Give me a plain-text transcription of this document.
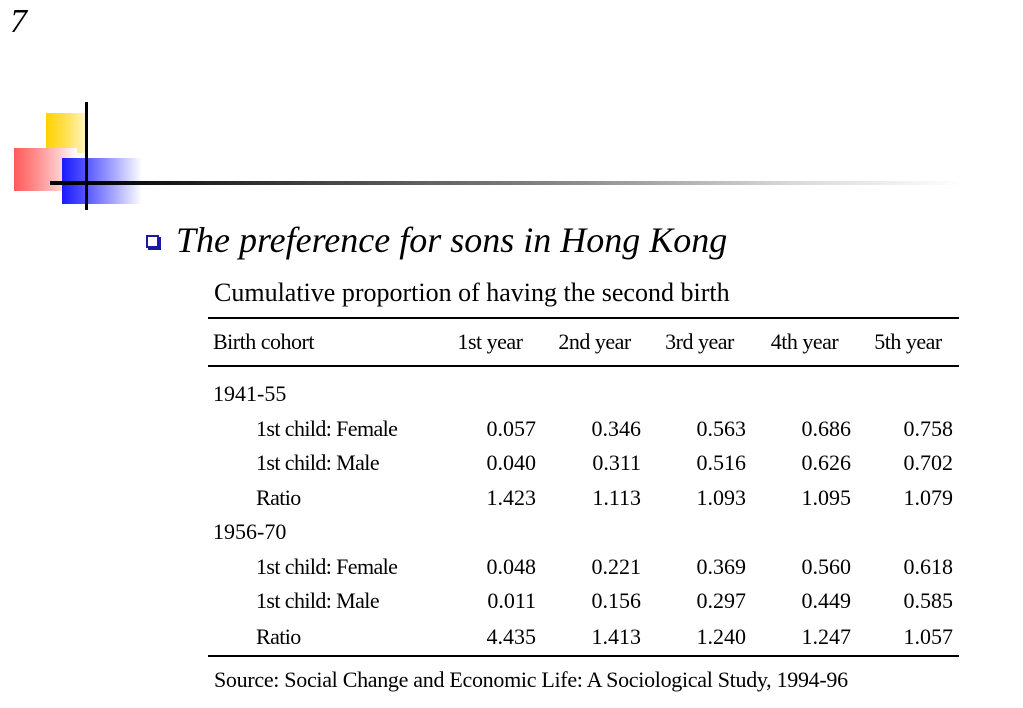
7
The preference for sons in Hong Kong
Cumulative proportion of having the second birth
Birth cohort	1st year	2nd year	3rd year	4th year	5th year

1941-55					
1st child: Female	0.057	0.346	0.563	0.686	0.758
1st child: Male	0.040	0.311	0.516	0.626	0.702
Ratio	1.423	1.113	1.093	1.095	1.079
1956-70					
1st child: Female	0.048	0.221	0.369	0.560	0.618
1st child: Male	0.011	0.156	0.297	0.449	0.585
Ratio	4.435	1.413	1.240	1.247	1.057
Source: Social Change and Economic Life: A Sociological Study, 1994-96
